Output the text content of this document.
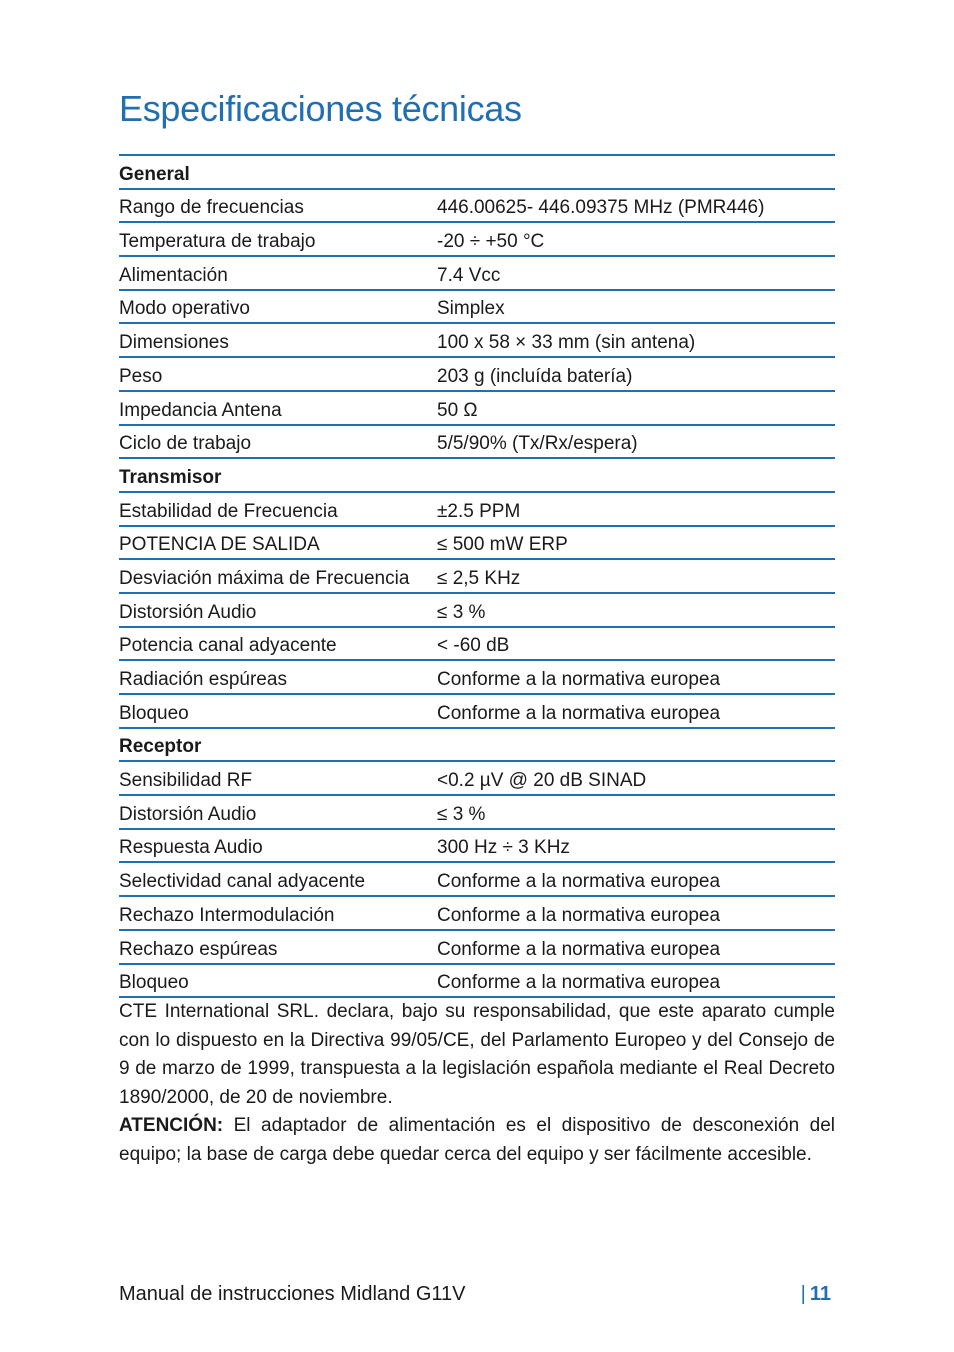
Especificaciones técnicas
General
Rango de frecuencias	446.00625- 446.09375 MHz (PMR446)
Temperatura de trabajo	-20 ÷ +50 °C
Alimentación	7.4 Vcc
Modo operativo	Simplex
Dimensiones	100 x 58 × 33 mm (sin antena)
Peso	203 g (incluída batería)
Impedancia Antena	50 Ω
Ciclo de trabajo	5/5/90% (Tx/Rx/espera)
Transmisor
Estabilidad de Frecuencia	±2.5 PPM
POTENCIA DE SALIDA	≤ 500 mW ERP
Desviación máxima de Frecuencia	≤ 2,5 KHz
Distorsión Audio	≤ 3 %
Potencia canal adyacente	< -60 dB
Radiación espúreas	Conforme a la normativa europea
Bloqueo	Conforme a la normativa europea
Receptor
Sensibilidad RF	<0.2 µV @ 20 dB SINAD
Distorsión Audio	≤ 3 %
Respuesta Audio	300 Hz ÷ 3 KHz
Selectividad canal adyacente	Conforme a la normativa europea
Rechazo Intermodulación	Conforme a la normativa europea
Rechazo espúreas	Conforme a la normativa europea
Bloqueo	Conforme a la normativa europea

CTE International SRL. declara, bajo su responsabilidad, que este aparato cumple con lo dispuesto en la Directiva 99/05/CE, del Parlamento Europeo y del Consejo de 9 de marzo de 1999, transpuesta a la legislación española mediante el Real Decreto 1890/2000, de 20 de noviembre.

ATENCIÓN: El adaptador de alimentación es el dispositivo de desconexión del equipo; la base de carga debe quedar cerca del equipo y ser fácilmente accesible.

Manual de instrucciones Midland G11V	| 11
